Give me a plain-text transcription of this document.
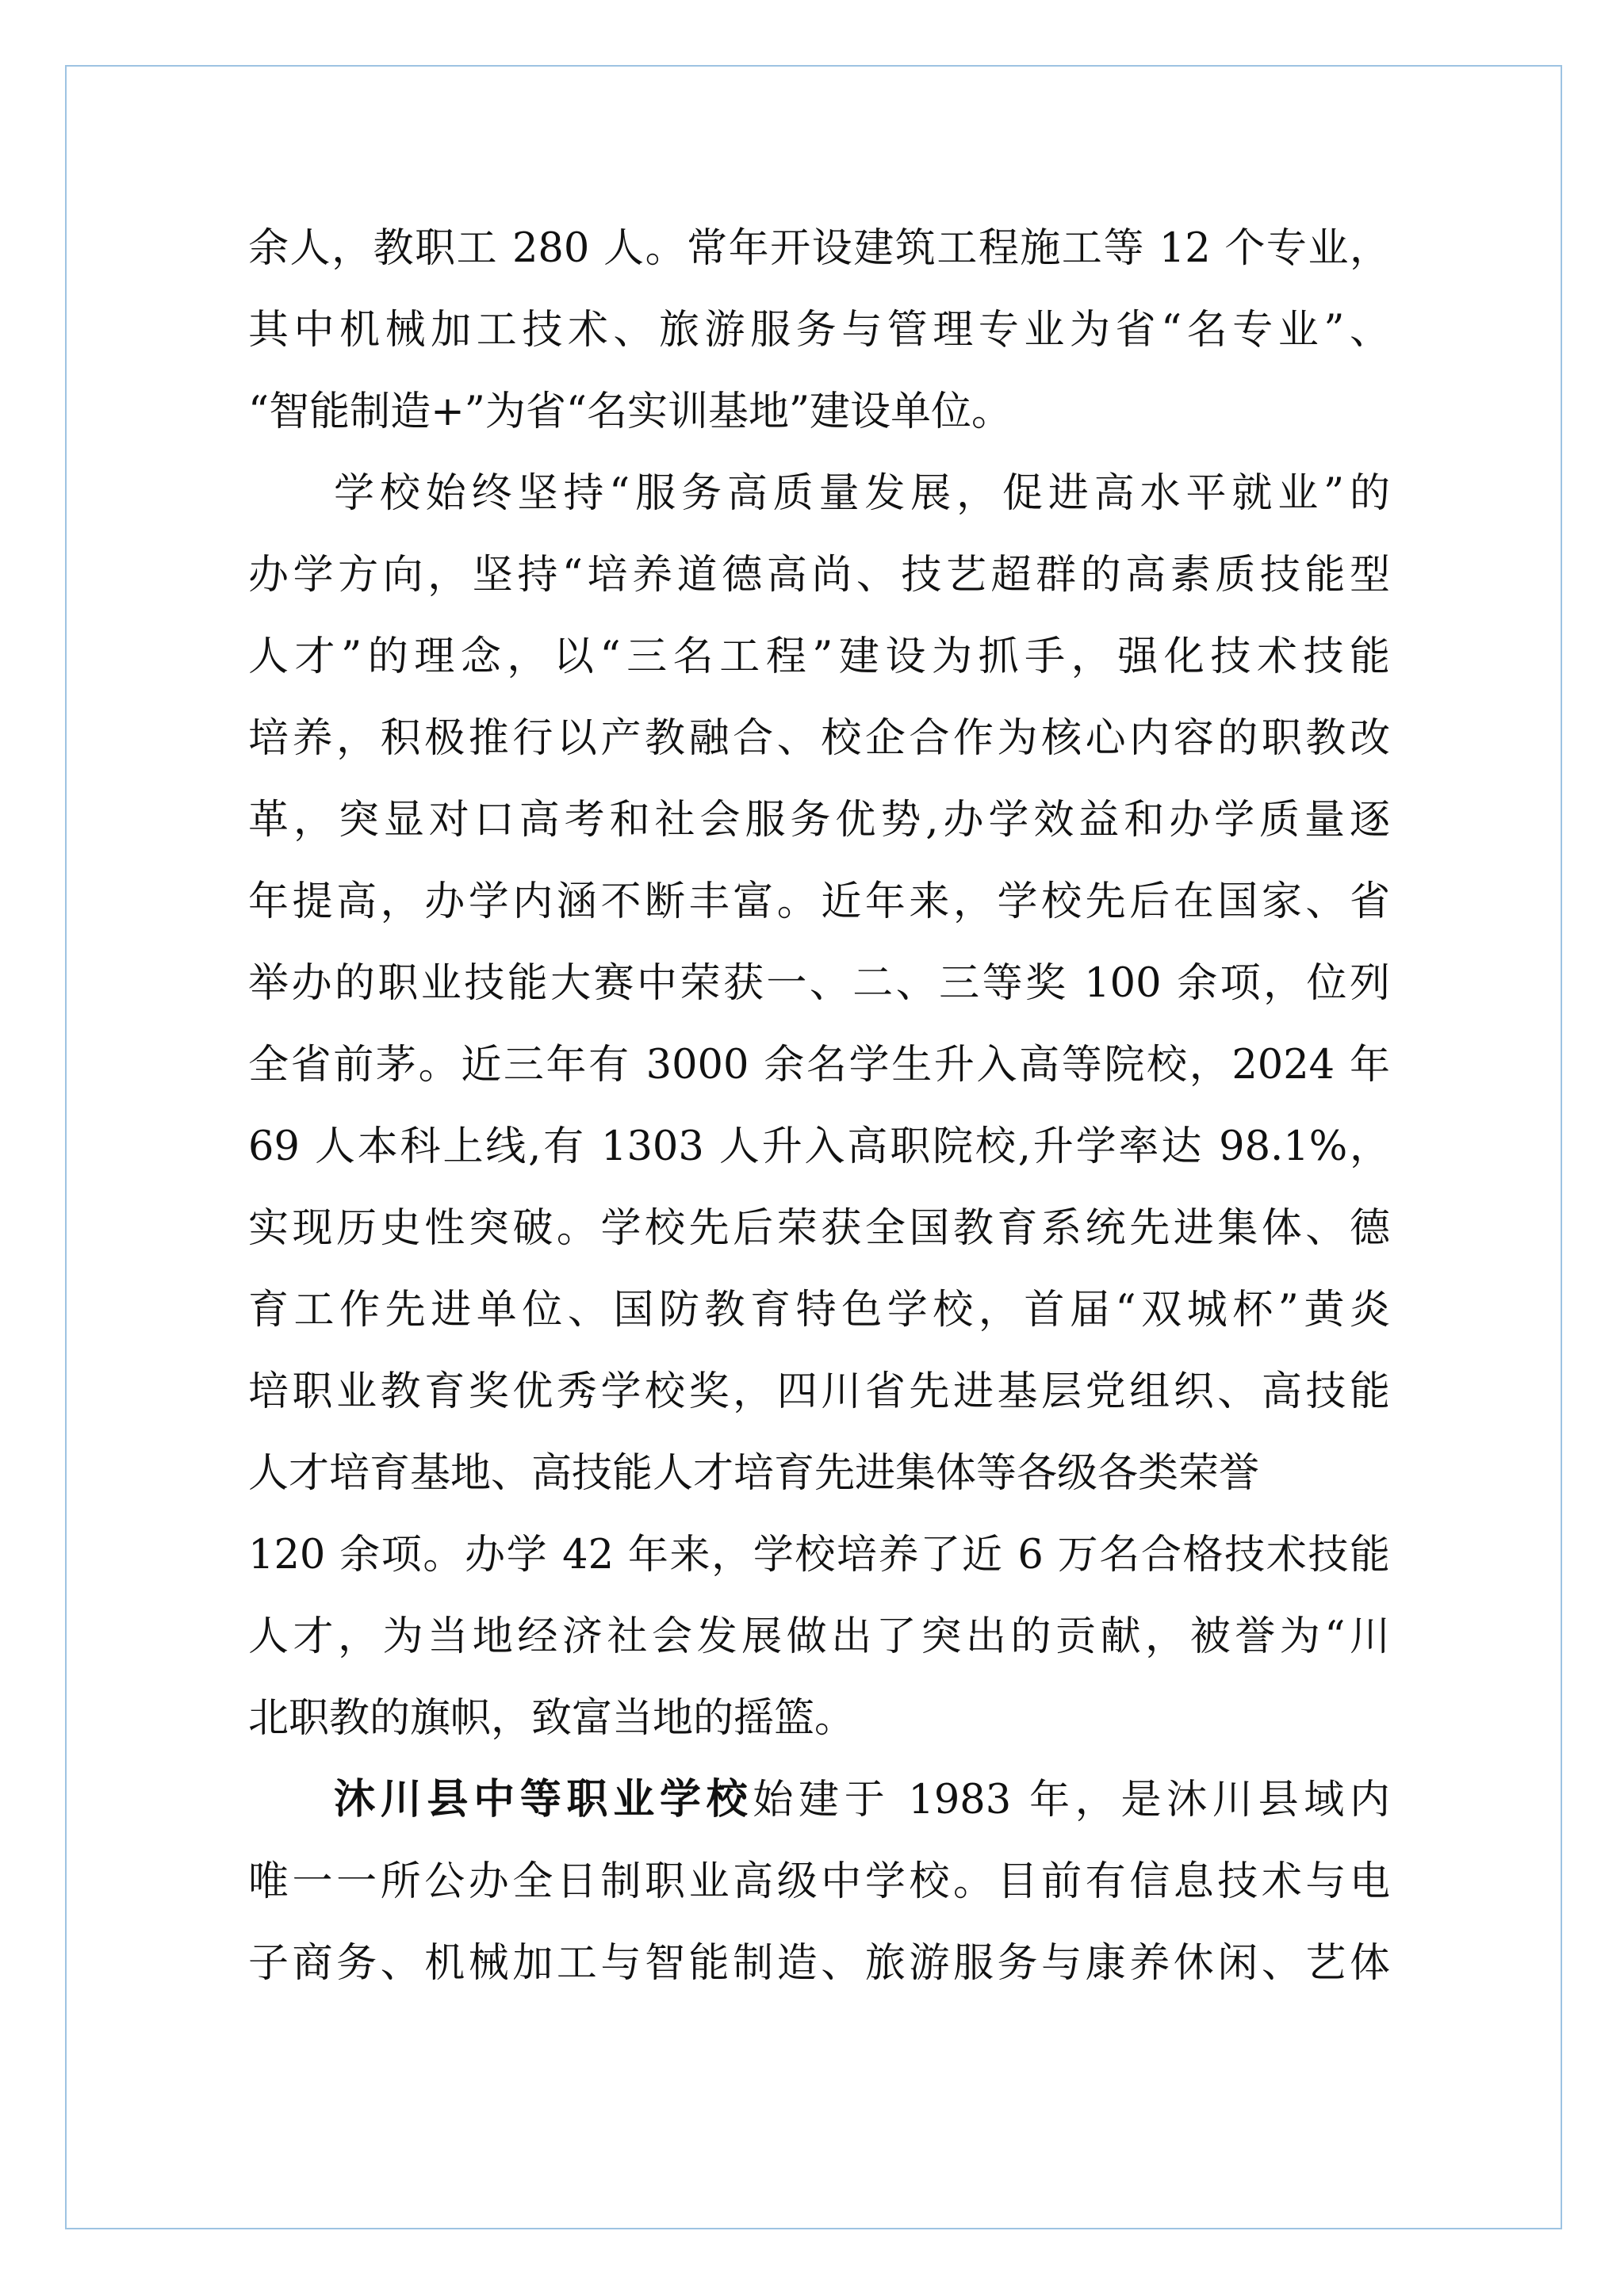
余人，教职工 280 人。常年开设建筑工程施工等 12 个专业，
其中机械加工技术、旅游服务与管理专业为省“名专业”、
“智能制造+”为省“名实训基地”建设单位。
学校始终坚持“服务高质量发展，促进高水平就业”的
办学方向，坚持“培养道德高尚、技艺超群的高素质技能型
人才”的理念，以“三名工程”建设为抓手，强化技术技能
培养，积极推行以产教融合、校企合作为核心内容的职教改
革，突显对口高考和社会服务优势,办学效益和办学质量逐
年提高，办学内涵不断丰富。近年来，学校先后在国家、省
举办的职业技能大赛中荣获一、二、三等奖 100 余项，位列
全省前茅。近三年有 3000 余名学生升入高等院校，2024 年
69 人本科上线,有 1303 人升入高职院校,升学率达 98.1%，
实现历史性突破。学校先后荣获全国教育系统先进集体、德
育工作先进单位、国防教育特色学校，首届“双城杯”黄炎
培职业教育奖优秀学校奖，四川省先进基层党组织、高技能
人才培育基地、高技能人才培育先进集体等各级各类荣誉
120 余项。办学 42 年来，学校培养了近 6 万名合格技术技能
人才，为当地经济社会发展做出了突出的贡献，被誉为“川
北职教的旗帜，致富当地的摇篮。
沐川县中等职业学校始建于 1983 年，是沐川县域内
唯一一所公办全日制职业高级中学校。目前有信息技术与电
子商务、机械加工与智能制造、旅游服务与康养休闲、艺体
